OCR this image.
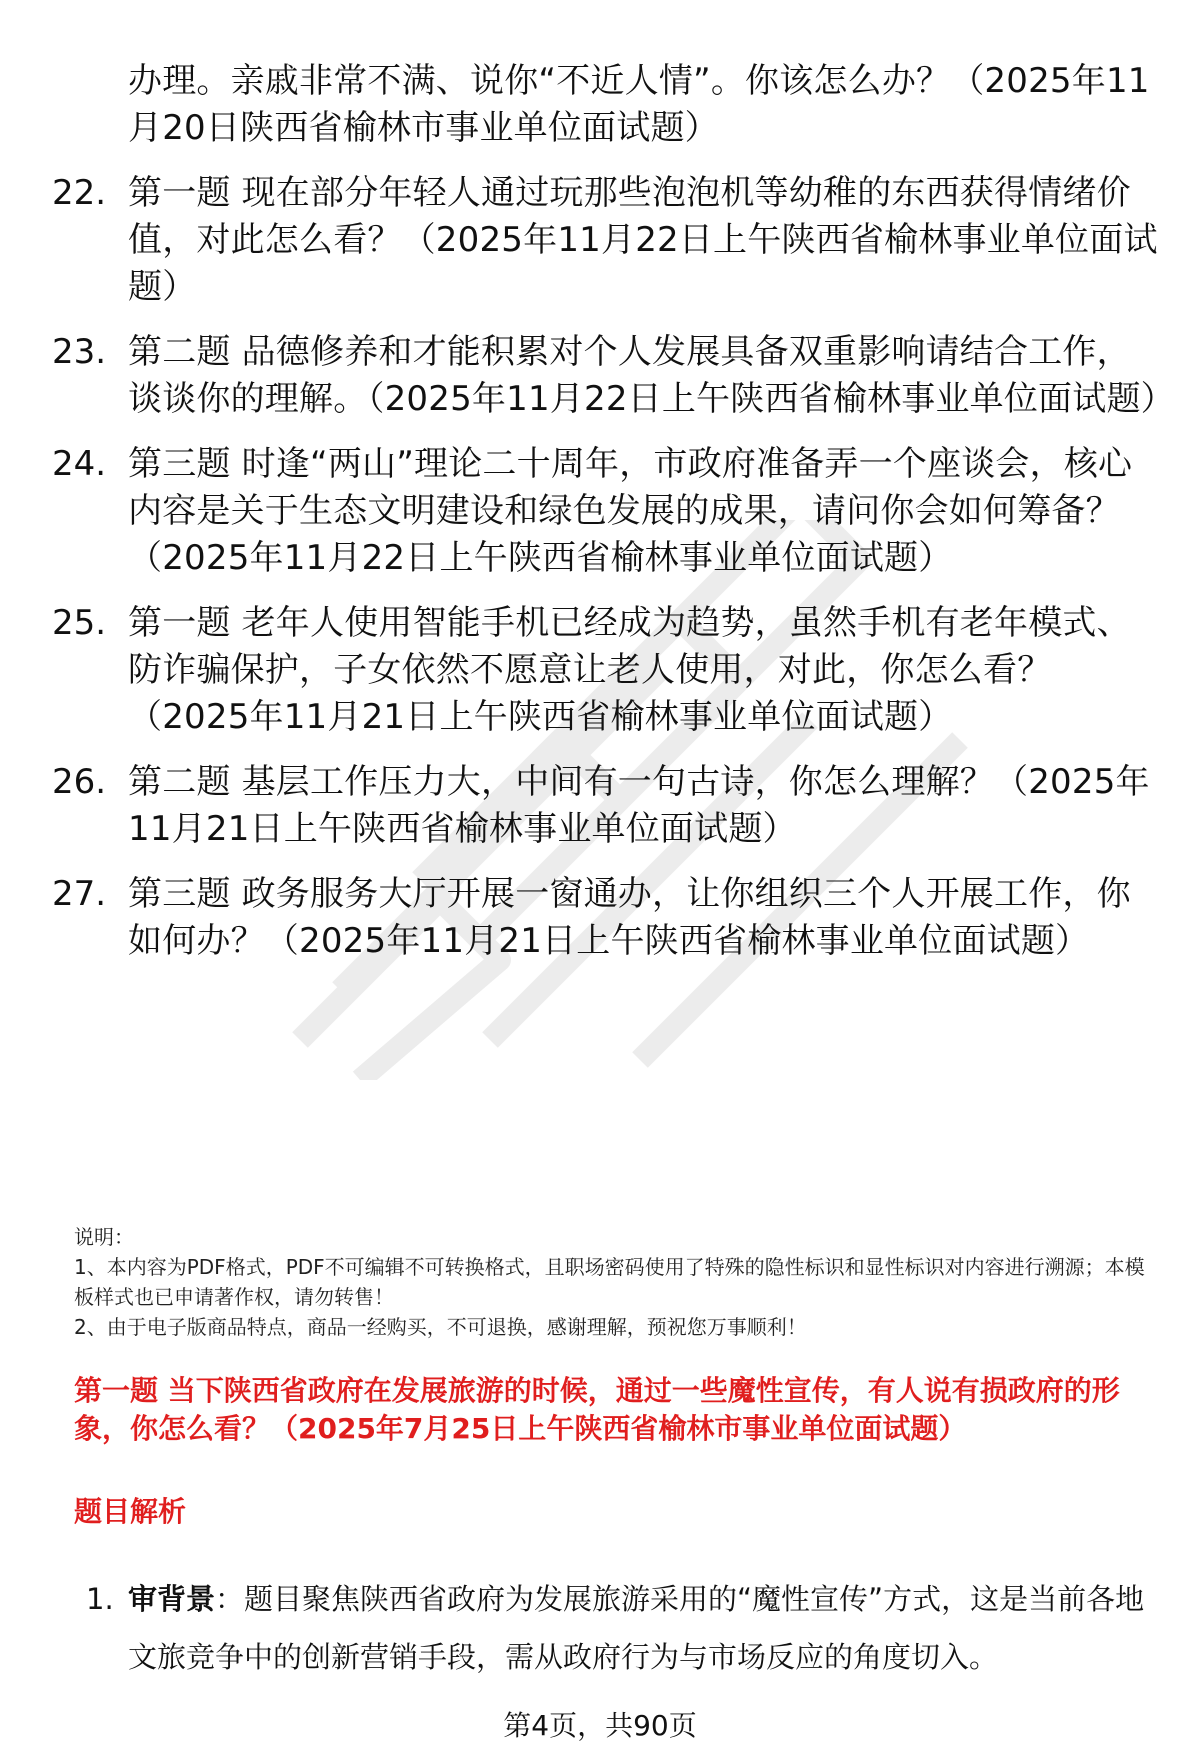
办理。亲戚非常不满、说你“不近人情”。你该怎么办？（2025年11月20日陕西省榆林市事业单位面试题）
22. 第一题 现在部分年轻人通过玩那些泡泡机等幼稚的东西获得情绪价值，对此怎么看？（2025年11月22日上午陕西省榆林事业单位面试题）
23. 第二题 品德修养和才能积累对个人发展具备双重影响请结合工作，谈谈你的理解。（2025年11月22日上午陕西省榆林事业单位面试题）
24. 第三题 时逢“两山”理论二十周年，市政府准备弄一个座谈会，核心内容是关于生态文明建设和绿色发展的成果，请问你会如何筹备？（2025年11月22日上午陕西省榆林事业单位面试题）
25. 第一题 老年人使用智能手机已经成为趋势，虽然手机有老年模式、防诈骗保护，子女依然不愿意让老人使用，对此，你怎么看？（2025年11月21日上午陕西省榆林事业单位面试题）
26. 第二题 基层工作压力大，中间有一句古诗，你怎么理解？（2025年11月21日上午陕西省榆林事业单位面试题）
27. 第三题 政务服务大厅开展一窗通办，让你组织三个人开展工作，你如何办？（2025年11月21日上午陕西省榆林事业单位面试题）
说明：
1、本内容为PDF格式，PDF不可编辑不可转换格式，且职场密码使用了特殊的隐性标识和显性标识对内容进行溯源；本模板样式也已申请著作权，请勿转售！
2、由于电子版商品特点，商品一经购买，不可退换，感谢理解，预祝您万事顺利！
第一题 当下陕西省政府在发展旅游的时候，通过一些魔性宣传，有人说有损政府的形象，你怎么看？（2025年7月25日上午陕西省榆林市事业单位面试题）
题目解析
1. 审背景：题目聚焦陕西省政府为发展旅游采用的“魔性宣传”方式，这是当前各地文旅竞争中的创新营销手段，需从政府行为与市场反应的角度切入。
第4页，共90页
